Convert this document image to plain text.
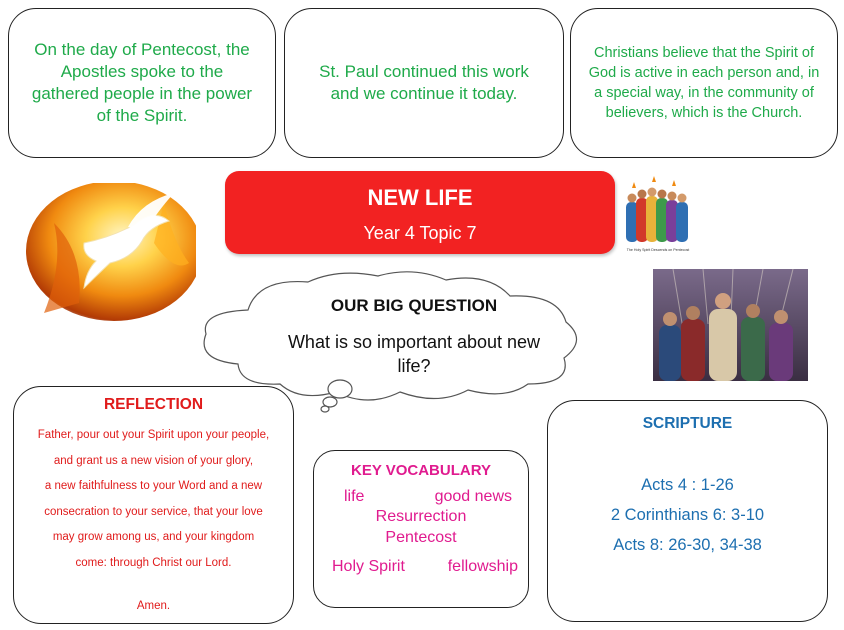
On the day of Pentecost, the Apostles spoke to the gathered people in the power of the Spirit.
St. Paul continued this work and we continue it today.
Christians believe that the Spirit of God is active in each person and, in a special way, in the community of believers, which is the Church.
NEW LIFE
Year 4 Topic 7
The Holy Spirit Descends on Pentecost
OUR BIG QUESTION
What is so important about new life?
REFLECTION
Father, pour out your Spirit upon your people,
and grant us a new vision of your glory,
a new faithfulness to your Word and a new
consecration to your service, that your love
may grow among us, and your kingdom
come: through Christ our Lord.
Amen.
KEY VOCABULARY
life	good news
Resurrection
Pentecost
Holy Spirit	fellowship
SCRIPTURE
Acts 4 : 1-26
2 Corinthians 6: 3-10
Acts 8: 26-30, 34-38
